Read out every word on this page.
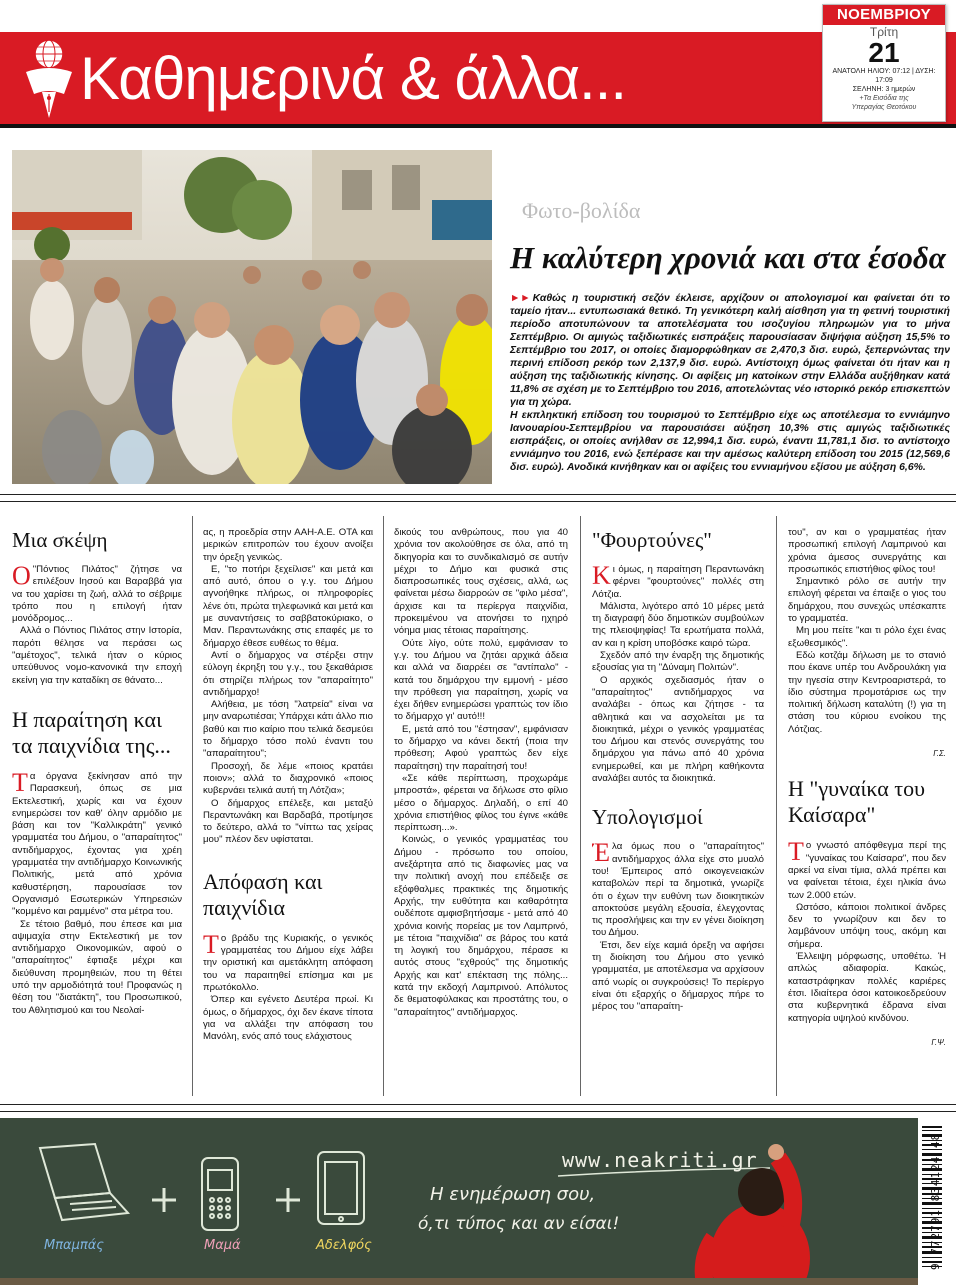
Καθημερινά & άλλα...
ΝΟΕΜΒΡΙΟΥ
Τρίτη
21
ΑΝΑΤΟΛΗ ΗΛΙΟΥ: 07:12 | ΔΥΣΗ: 17:09
ΣΕΛΗΝΗ: 3 ημερών
+Τα Εισόδια της
Υπεραγίας Θεοτόκου
Φωτο-βολίδα
Η καλύτερη χρονιά και στα έσοδα

►► Καθώς η τουριστική σεζόν έκλεισε, αρχίζουν οι απολογισμοί και φαίνεται ότι το ταμείο ήταν... εντυπωσιακά θετικό. Τη γενικότερη καλή αίσθηση για τη φετινή τουριστική περίοδο αποτυπώνουν τα αποτελέσματα του ισοζυγίου πληρωμών για το μήνα Σεπτέμβριο. Οι αμιγώς ταξιδιωτικές εισπράξεις παρουσίασαν διψήφια αύξηση 15,5% το Σεπτέμβριο του 2017, οι οποίες διαμορφώθηκαν σε 2,470,3 δισ. ευρώ, ξεπερνώντας την περινή επίδοση ρεκόρ των 2,137,9 δισ. ευρώ. Αντίστοιχη όμως φαίνεται ότι ήταν και η αύξηση της ταξιδιωτικής κίνησης. Οι αφίξεις μη κατοίκων στην Ελλάδα αυξήθηκαν κατά 11,8% σε σχέση με το Σεπτέμβριο του 2016, αποτελώντας νέο ιστορικό ρεκόρ επισκεπτών για τη χώρα.

Η εκπληκτική επίδοση του τουρισμού το Σεπτέμβριο είχε ως αποτέλεσμα το εννιάμηνο Ιανουαρίου-Σεπτεμβρίου να παρουσιάσει αύξηση 10,3% στις αμιγώς ταξιδιωτικές εισπράξεις, οι οποίες ανήλθαν σε 12,994,1 δισ. ευρώ, έναντι 11,781,1 δισ. το αντίστοιχο εννιάμηνο του 2016, ενώ ξεπέρασε και την αμέσως καλύτερη επίδοση του 2015 (12,569,6 δισ. ευρώ). Ανοδικά κινήθηκαν και οι αφίξεις του εννιαμήνου εξίσου με αύξηση 6,6%.

Μια σκέψη

Ο "Πόντιος Πιλάτος" ζήτησε να επιλέξουν Ιησού και Βαραββά για να του χαρίσει τη ζωή, αλλά το σέβριμε τρόπο που η επιλογή ήταν μονόδρομος...

Αλλά ο Πόντιος Πιλάτος στην Ιστορία, παρότι θέλησε να περάσει ως "αμέτοχος", τελικά ήταν ο κύριος υπεύθυνος νομο-κανονικά την εποχή εκείνη για την καταδίκη σε θάνατο...

Η παραίτηση και τα παιχνίδια της...

Τα όργανα ξεκίνησαν από την Παρασκευή, όπως σε μια Εκτελεστική, χωρίς και να έχουν ενημερώσει τον καθ' όλην αρμόδιο με βάση και τον "Καλλικράτη" γενικό γραμματέα του Δήμου, ο "απαραίτητος" αντιδήμαρχος, έχοντας για χρέη γραμματέα την αντιδήμαρχο Κοινωνικής Πολιτικής, μετά από χρόνια καθυστέρηση, παρουσίασε τον Οργανισμό Εσωτερικών Υπηρεσιών "κομμένο και ραμμένο" στα μέτρα του.

Σε τέτοιο βαθμό, που έπεσε και μια αψιμαχία στην Εκτελεστική με τον αντιδήμαρχο Οικονομικών, αφού ο "απαραίτητος" έφτιαξε μέχρι και διεύθυνση προμηθειών, που τη θέτει υπό την αρμοδιότητά του! Προφανώς η θέση του "διατάκτη", του Προσωπικού, του Αθλητισμού και του Νεολαί-

ας, η προεδρία στην ΑΑΗ-Α.Ε. ΟΤΑ και μερικών επιτροπών του έχουν ανοίξει την όρεξη γενικώς.

Ε, "το ποτήρι ξεχείλισε" και μετά και από αυτό, όπου ο γ.γ. του Δήμου αγνοήθηκε πλήρως, οι πληροφορίες λένε ότι, πρώτα τηλεφωνικά και μετά και με συναντήσεις το σαββατοκύριακο, ο Μαν. Περαντωνάκης στις επαφές με το δήμαρχο έθεσε ευθέως το θέμα.

Αντί ο δήμαρχος να στέρξει στην εύλογη έκρηξη του γ.γ., του ξεκαθάρισε ότι στηρίζει πλήρως τον "απαραίτητο" αντιδήμαρχο!

Αλήθεια, με τόση "λατρεία" είναι να μην αναρωτιέσαι; Υπάρχει κάτι άλλο πιο βαθύ και πιο καίριο που τελικά δεσμεύει το δήμαρχο τόσο πολύ έναντι του "απαραίτητου";

Προσοχή, δε λέμε «ποιος κρατάει ποιον»; αλλά το διαχρονικό «ποιος κυβερνάει τελικά αυτή τη Λότζια»;

Ο δήμαρχος επέλεξε, και μεταξύ Περαντωνάκη και Βαρδαβά, προτίμησε το δεύτερο, αλλά το "νίπτω τας χείρας μου" πλέον δεν υφίσταται.

Απόφαση και παιχνίδια

Το βράδυ της Κυριακής, ο γενικός γραμματέας του Δήμου είχε λάβει την οριστική και αμετάκλητη απόφαση του να παραιτηθεί επίσημα και με πρωτόκολλο.

Όπερ και εγένετο Δευτέρα πρωί. Κι όμως, ο δήμαρχος, όχι δεν έκανε τίποτα για να αλλάξει την απόφαση του Μανόλη, ενός από τους ελάχιστους

δικούς του ανθρώπους, που για 40 χρόνια τον ακολούθησε σε όλα, από τη δικηγορία και το συνδικαλισμό σε αυτήν μέχρι το Δήμο και φυσικά στις διαπροσωπικές τους σχέσεις, αλλά, ως φαίνεται μέσω διαρροών σε "φιλο μέσα", άρχισε και τα περίεργα παιχνίδια, προκειμένου να ατονήσει το ηχηρό νόημα μιας τέτοιας παραίτησης.

Ούτε λίγο, ούτε πολύ, εμφάνισαν το γ.γ. του Δήμου να ζητάει αρχικά άδεια και αλλά να διαρρέει σε "αντίπαλο" - κατά του δημάρχου την εμμονή - μέσο την πρόθεση για παραίτηση, χωρίς να έχει δήθεν ενημερώσει γραπτώς τον ίδιο το δήμαρχο γι' αυτό!!!

Ε, μετά από του "έστησαν", εμφάνισαν το δήμαρχο να κάνει δεκτή (ποια την πρόθεση; Αφού γραπτώς δεν είχε παραίτηση) την παραίτησή του!

«Σε κάθε περίπτωση, προχωράμε μπροστά», φέρεται να δήλωσε στο φίλιο μέσο ο δήμαρχος. Δηλαδή, ο επί 40 χρόνια επιστήθιος φίλος του έγινε «κάθε περίπτωση...».

Κοινώς, ο γενικός γραμματέας του Δήμου - πρόσωπο του οποίου, ανεξάρτητα από τις διαφωνίες μας να την πολιτική ανοχή που επέδειξε σε εξόφθαλμες πρακτικές της δημοτικής Αρχής, την ευθύτητα και καθαρότητα ουδέποτε αμφισβητήσαμε - μετά από 40 χρόνια κοινής πορείας με τον Λαμπρινό, με τέτοια "παιχνίδια" σε βάρος του κατά τη λογική του δημάρχου, πέρασε κι αυτός στους "εχθρούς" της δημοτικής Αρχής και κατ' επέκταση της πόλης... κατά την εκδοχή Λαμπρινού. Απόλυτος δε θεματοφύλακας και προστάτης του, ο "απαραίτητος" αντιδήμαρχος.

"Φουρτούνες"

Κι όμως, η παραίτηση Περαντωνάκη φέρνει "φουρτούνες" πολλές στη Λότζια.

Μάλιστα, λιγότερο από 10 μέρες μετά τη διαγραφή δύο δημοτικών συμβούλων της πλειοψηφίας! Τα ερωτήματα πολλά, αν και η κρίση υποβόσκε καιρό τώρα.

Σχεδόν από την έναρξη της δημοτικής εξουσίας για τη "Δύναμη Πολιτών".

Ο αρχικός σχεδιασμός ήταν ο "απαραίτητος" αντιδήμαρχος να αναλάβει - όπως και ζήτησε - τα αθλητικά και να ασχολείται με τα διοικητικά, μέχρι ο γενικός γραμματέας του Δήμου και στενός συνεργάτης του δημάρχου για πάνω από 40 χρόνια ενημερωθεί, και με πλήρη καθήκοντα αναλάβει αυτός τα διοικητικά.

Υπολογισμοί

Έλα όμως που ο "απαραίτητος" αντιδήμαρχος άλλα είχε στο μυαλό του! Έμπειρος από οικογενειακών καταβολών περί τα δημοτικά, γνωρίζε ότι ο έχων την ευθύνη των διοικητικών αποκτούσε μεγάλη εξουσία, έλεγχοντας τις προσλήψεις και την εν γένει διοίκηση του Δήμου.

Έτσι, δεν είχε καμιά όρεξη να αφήσει τη διοίκηση του Δήμου στο γενικό γραμματέα, με αποτέλεσμα να αρχίσουν από νωρίς οι συγκρούσεις! Το περίεργο είναι ότι εξαρχής ο δήμαρχος πήρε το μέρος του "απαραίτη-

του", αν και ο γραμματέας ήταν προσωπική επιλογή Λαμπρινού και χρόνια άμεσος συνεργάτης και προσωπικός επιστήθιος φίλος του!

Σημαντικό ρόλο σε αυτήν την επιλογή φέρεται να έπαιξε ο γιος του δημάρχου, που συνεχώς υπέσκαπτε το γραμματέα.

Μη μου πείτε "και τι ρόλο έχει ένας εξωθεσμικός".

Εδώ κοτζάμ δήλωση με το στανιό που έκανε υπέρ του Ανδρουλάκη για την ηγεσία στην Κεντροαριστερά, το ίδιο σύστημα προμοτάρισε ως την πολιτική δήλωση καταλύτη (!) για τη στάση του κύριου ενοίκου της Λότζιας.

Γ.Σ.
Η "γυναίκα του Καίσαρα"

Το γνωστό απόφθεγμα περί της "γυναίκας του Καίσαρα", που δεν αρκεί να είναι τίμια, αλλά πρέπει και να φαίνεται τέτοια, έχει ηλικία άνω των 2.000 ετών.

Ωστόσο, κάποιοι πολιτικοί άνδρες δεν το γνωρίζουν και δεν το λαμβάνουν υπόψη τους, ακόμη και σήμερα.

Έλλειψη μόρφωσης, υποθέτω. Ή απλώς αδιαφορία. Κακώς, καταστράφηκαν πολλές καριέρες έτσι. Ιδιαίτερα όσοι κατοικοεδρεύουν στα κυβερνητικά έδρανα είναι κατηγορία υψηλού κινδύνου.

Γ.Ψ.
www.neakriti.gr
Η ενημέρωση σου,
ό,τι τύπος και αν είσαι!
Μπαμπάς	Μαμά	Αδελφός	9 772791 834124 48
